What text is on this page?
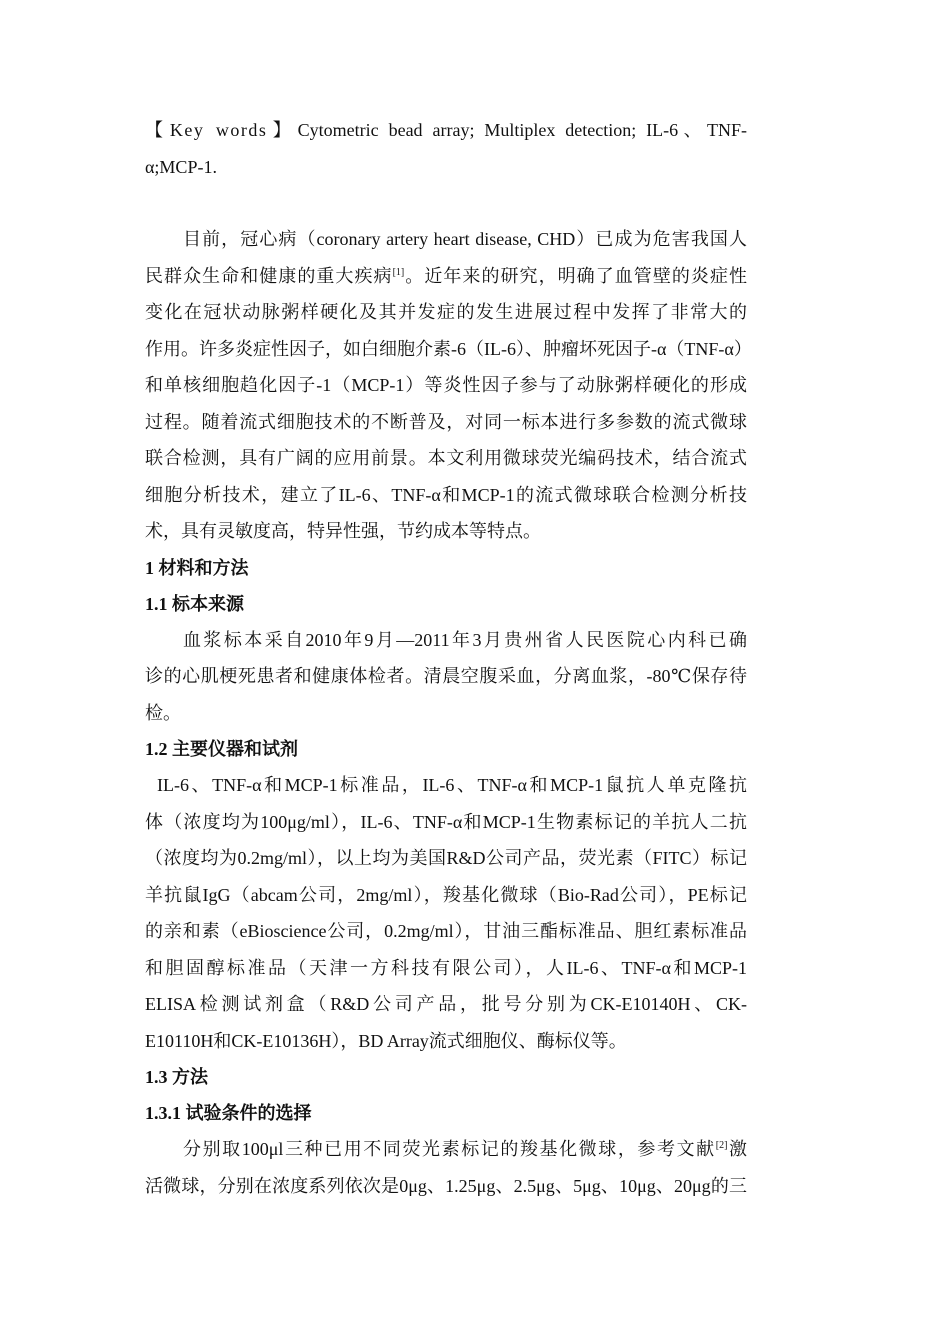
【Key words】Cytometric bead array; Multiplex detection; IL-6、TNF-

α;MCP-1.

目前，冠心病（coronary artery heart disease, CHD）已成为危害我国人

民群众生命和健康的重大疾病[1]。近年来的研究，明确了血管壁的炎症性

变化在冠状动脉粥样硬化及其并发症的发生进展过程中发挥了非常大的

作用。许多炎症性因子，如白细胞介素-6（IL-6）、肿瘤坏死因子-α（TNF-α）

和单核细胞趋化因子-1（MCP-1）等炎性因子参与了动脉粥样硬化的形成

过程。随着流式细胞技术的不断普及，对同一标本进行多参数的流式微球

联合检测，具有广阔的应用前景。本文利用微球荧光编码技术，结合流式

细胞分析技术，建立了IL-6、TNF-α和MCP-1的流式微球联合检测分析技

术，具有灵敏度高，特异性强，节约成本等特点。

1 材料和方法

1.1 标本来源

血浆标本采自2010年9月—2011年3月贵州省人民医院心内科已确

诊的心肌梗死患者和健康体检者。清晨空腹采血，分离血浆，-80℃保存待

检。

1.2 主要仪器和试剂

IL-6、TNF-α和MCP-1标准品，IL-6、TNF-α和MCP-1鼠抗人单克隆抗

体（浓度均为100μg/ml），IL-6、TNF-α和MCP-1生物素标记的羊抗人二抗

（浓度均为0.2mg/ml），以上均为美国R&D公司产品，荧光素（FITC）标记

羊抗鼠IgG（abcam公司，2mg/ml），羧基化微球（Bio-Rad公司），PE标记

的亲和素（eBioscience公司，0.2mg/ml），甘油三酯标准品、胆红素标准品

和胆固醇标准品（天津一方科技有限公司），人IL-6、TNF-α和MCP-1

ELISA检测试剂盒（R&D公司产品，批号分别为CK-E10140H、CK-

E10110H和CK-E10136H），BD Array流式细胞仪、酶标仪等。

1.3 方法

1.3.1 试验条件的选择

分别取100μl三种已用不同荧光素标记的羧基化微球，参考文献[2]激

活微球，分别在浓度系列依次是0μg、1.25μg、2.5μg、5μg、10μg、20μg的三
